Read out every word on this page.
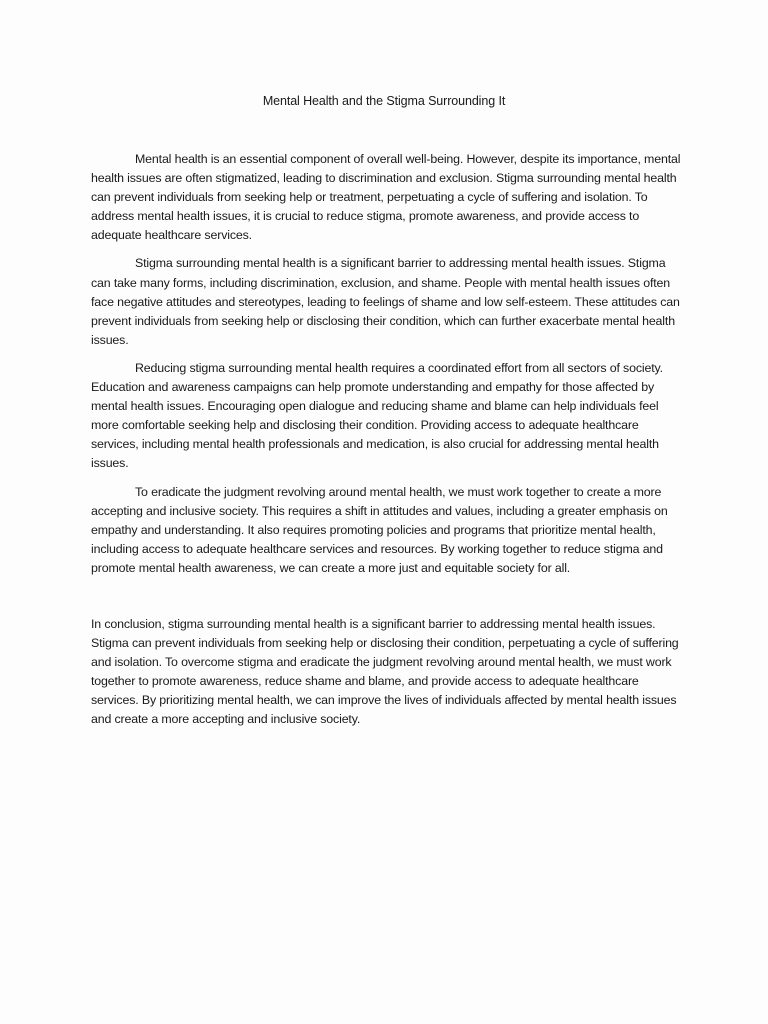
Mental Health and the Stigma Surrounding It

Mental health is an essential component of overall well-being. However, despite its importance, mental health issues are often stigmatized, leading to discrimination and exclusion. Stigma surrounding mental health can prevent individuals from seeking help or treatment, perpetuating a cycle of suffering and isolation. To address mental health issues, it is crucial to reduce stigma, promote awareness, and provide access to adequate healthcare services.

Stigma surrounding mental health is a significant barrier to addressing mental health issues. Stigma can take many forms, including discrimination, exclusion, and shame. People with mental health issues often face negative attitudes and stereotypes, leading to feelings of shame and low self-esteem. These attitudes can prevent individuals from seeking help or disclosing their condition, which can further exacerbate mental health issues.

Reducing stigma surrounding mental health requires a coordinated effort from all sectors of society. Education and awareness campaigns can help promote understanding and empathy for those affected by mental health issues. Encouraging open dialogue and reducing shame and blame can help individuals feel more comfortable seeking help and disclosing their condition. Providing access to adequate healthcare services, including mental health professionals and medication, is also crucial for addressing mental health issues.

To eradicate the judgment revolving around mental health, we must work together to create a more accepting and inclusive society. This requires a shift in attitudes and values, including a greater emphasis on empathy and understanding. It also requires promoting policies and programs that prioritize mental health, including access to adequate healthcare services and resources. By working together to reduce stigma and promote mental health awareness, we can create a more just and equitable society for all.

In conclusion, stigma surrounding mental health is a significant barrier to addressing mental health issues. Stigma can prevent individuals from seeking help or disclosing their condition, perpetuating a cycle of suffering and isolation. To overcome stigma and eradicate the judgment revolving around mental health, we must work together to promote awareness, reduce shame and blame, and provide access to adequate healthcare services. By prioritizing mental health, we can improve the lives of individuals affected by mental health issues and create a more accepting and inclusive society.
